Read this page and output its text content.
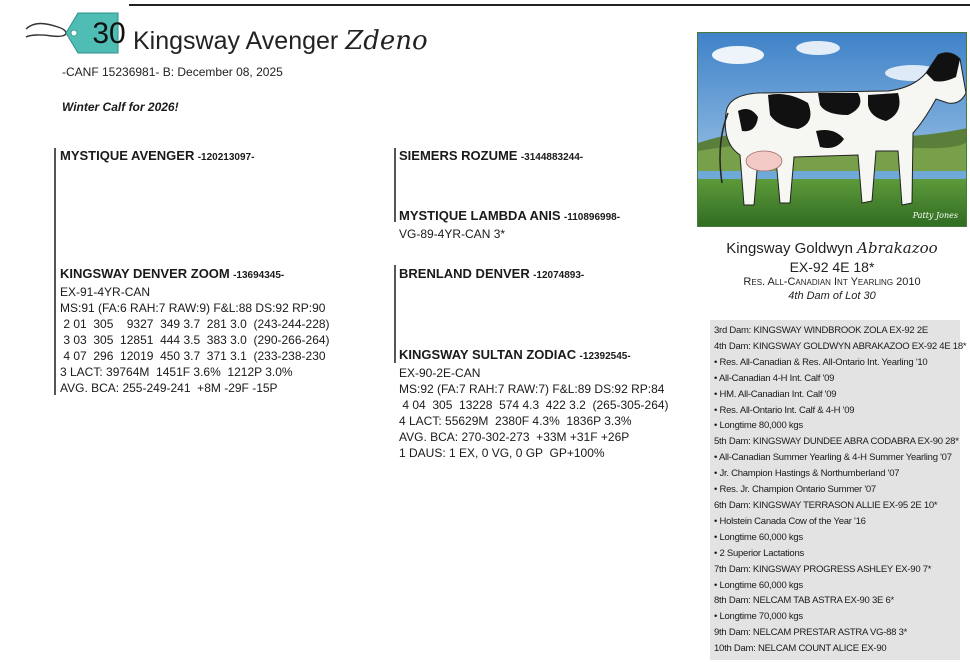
30 Kingsway Avenger Zdeno
-CANF 15236981- B: December 08, 2025
Winter Calf for 2026!
MYSTIQUE AVENGER -120213097-	SIEMERS ROZUME -3144883244-
MYSTIQUE LAMBDA ANIS -110896998-
VG-89-4YR-CAN 3*
KINGSWAY DENVER ZOOM -13694345-
EX-91-4YR-CAN
MS:91 (FA:6 RAH:7 RAW:9) F&L:88 DS:92 RP:90
2 01  305    9327  349 3.7  281 3.0  (243-244-228)
3 03  305  12851  444 3.5  383 3.0  (290-266-264)
4 07  296  12019  450 3.7  371 3.1  (233-238-230
3 LACT: 39764M  1451F 3.6%  1212P 3.0%
AVG. BCA: 255-249-241  +8M -29F -15P
BRENLAND DENVER -12074893-
KINGSWAY SULTAN ZODIAC -12392545-
EX-90-2E-CAN
MS:92 (FA:7 RAH:7 RAW:7) F&L:89 DS:92 RP:84
4 04  305  13228  574 4.3  422 3.2  (265-305-264)
4 LACT: 55629M  2380F 4.3%  1836P 3.3%
AVG. BCA: 270-302-273  +33M +31F +26P
1 DAUS: 1 EX, 0 VG, 0 GP  GP+100%
Patty Jones
Kingsway Goldwyn Abrakazoo
EX-92 4E 18*
Res. All-Canadian Int Yearling 2010
4th Dam of Lot 30
3rd Dam: KINGSWAY WINDBROOK ZOLA EX-92 2E
4th Dam: KINGSWAY GOLDWYN ABRAKAZOO EX-92 4E 18*
• Res. All-Canadian & Res. All-Ontario Int. Yearling '10
• All-Canadian 4-H Int. Calf '09
• HM. All-Canadian Int. Calf '09
• Res. All-Ontario Int. Calf & 4-H '09
• Longtime 80,000 kgs
5th Dam: KINGSWAY DUNDEE ABRA CODABRA EX-90 28*
• All-Canadian Summer Yearling & 4-H Summer Yearling '07
• Jr. Champion Hastings & Northumberland '07
• Res. Jr. Champion Ontario Summer '07
6th Dam: KINGSWAY TERRASON ALLIE EX-95 2E 10*
• Holstein Canada Cow of the Year '16
• Longtime 60,000 kgs
• 2 Superior Lactations
7th Dam: KINGSWAY PROGRESS ASHLEY EX-90 7*
• Longtime 60,000 kgs
8th Dam: NELCAM TAB ASTRA EX-90 3E 6*
• Longtime 70,000 kgs
9th Dam: NELCAM PRESTAR ASTRA VG-88 3*
10th Dam: NELCAM COUNT ALICE EX-90
